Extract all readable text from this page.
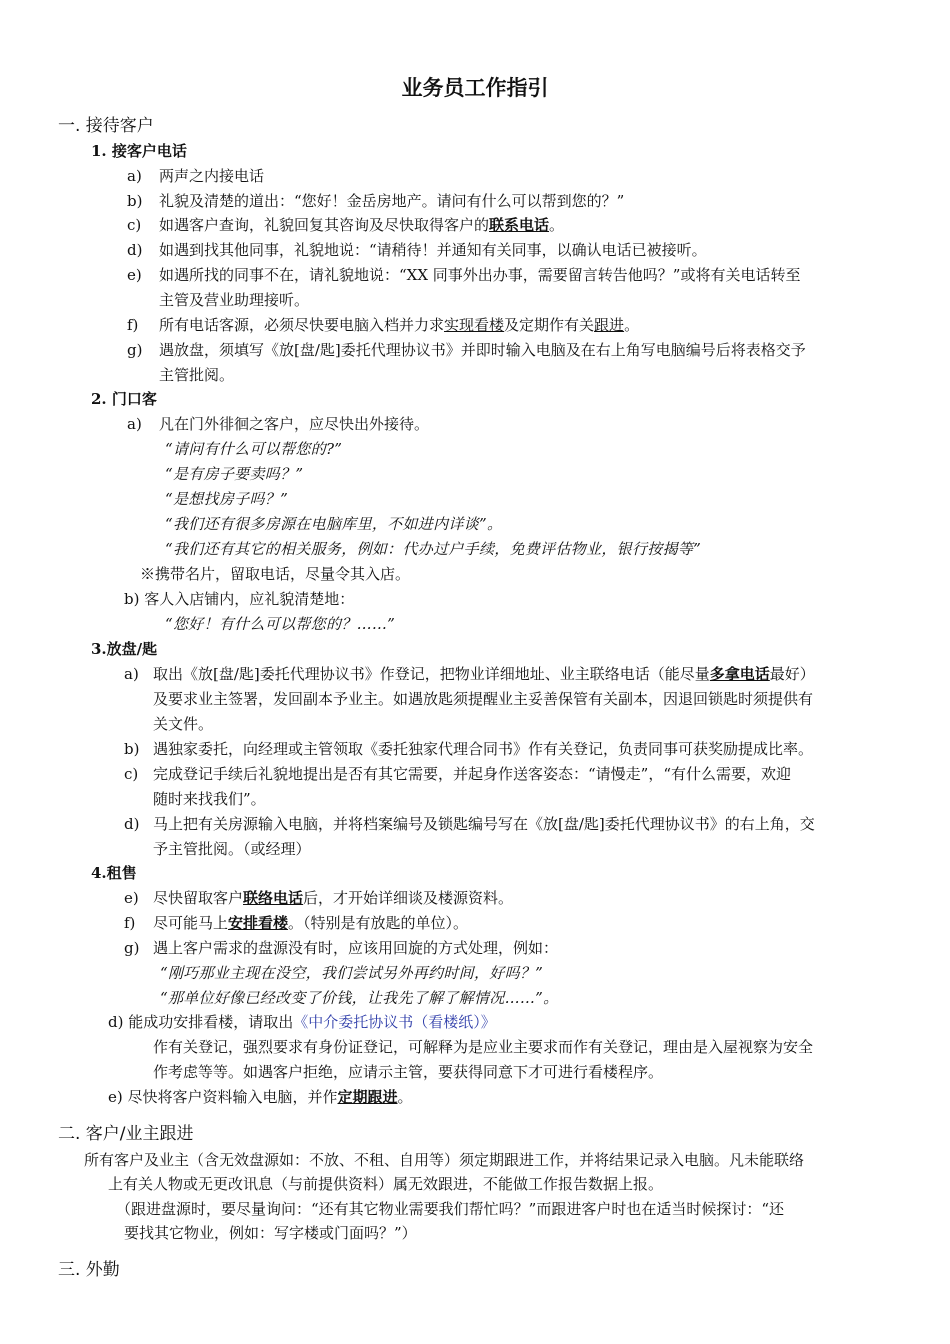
业务员工作指引
一. 接待客户
1. 接客户电话
a) 两声之内接电话
b) 礼貌及清楚的道出：“您好！金岳房地产。请问有什么可以帮到您的？”
c) 如遇客户查询，礼貌回复其咨询及尽快取得客户的联系电话。
d) 如遇到找其他同事，礼貌地说：“请稍待！并通知有关同事，以确认电话已被接听。
e) 如遇所找的同事不在，请礼貌地说：“XX 同事外出办事，需要留言转告他吗？”或将有关电话转至
主管及营业助理接听。
f) 所有电话客源，必须尽快要电脑入档并力求实现看楼及定期作有关跟进。
g) 遇放盘，须填写《放[盘/匙]委托代理协议书》并即时输入电脑及在右上角写电脑编号后将表格交予
主管批阅。
2. 门口客
a) 凡在门外徘徊之客户，应尽快出外接待。
“请问有什么可以帮您的?”
“是有房子要卖吗？”
“是想找房子吗？”
“我们还有很多房源在电脑库里，不如进内详谈”。
“我们还有其它的相关服务，例如：代办过户手续，免费评估物业，银行按揭等”
※携带名片，留取电话，尽量令其入店。
b) 客人入店铺内，应礼貌清楚地：
“您好！有什么可以帮您的？……”
3.放盘/匙
a) 取出《放[盘/匙]委托代理协议书》作登记，把物业详细地址、业主联络电话（能尽量多拿电话最好）
及要求业主签署，发回副本予业主。如遇放匙须提醒业主妥善保管有关副本，因退回锁匙时须提供有
关文件。
b) 遇独家委托，向经理或主管领取《委托独家代理合同书》作有关登记，负责同事可获奖励提成比率。
c) 完成登记手续后礼貌地提出是否有其它需要，并起身作送客姿态：“请慢走”，“有什么需要，欢迎
随时来找我们”。
d) 马上把有关房源输入电脑，并将档案编号及锁匙编号写在《放[盘/匙]委托代理协议书》的右上角，交
予主管批阅。（或经理）
4.租售
e) 尽快留取客户联络电话后，才开始详细谈及楼源资料。
f) 尽可能马上安排看楼。（特别是有放匙的单位）。
g) 遇上客户需求的盘源没有时，应该用回旋的方式处理，例如：
“刚巧那业主现在没空，我们尝试另外再约时间，好吗？”
“那单位好像已经改变了价钱，让我先了解了解情况……”。
d) 能成功安排看楼，请取出《中介委托协议书（看楼纸）》
作有关登记，强烈要求有身份证登记，可解释为是应业主要求而作有关登记，理由是入屋视察为安全
作考虑等等。如遇客户拒绝，应请示主管，要获得同意下才可进行看楼程序。
e) 尽快将客户资料输入电脑，并作定期跟进。
二. 客户/业主跟进
所有客户及业主（含无效盘源如：不放、不租、自用等）须定期跟进工作，并将结果记录入电脑。凡未能联络
上有关人物或无更改讯息（与前提供资料）属无效跟进，不能做工作报告数据上报。
（跟进盘源时，要尽量询问：“还有其它物业需要我们帮忙吗？”而跟进客户时也在适当时候探讨：“还
要找其它物业，例如：写字楼或门面吗？”）
三. 外勤
